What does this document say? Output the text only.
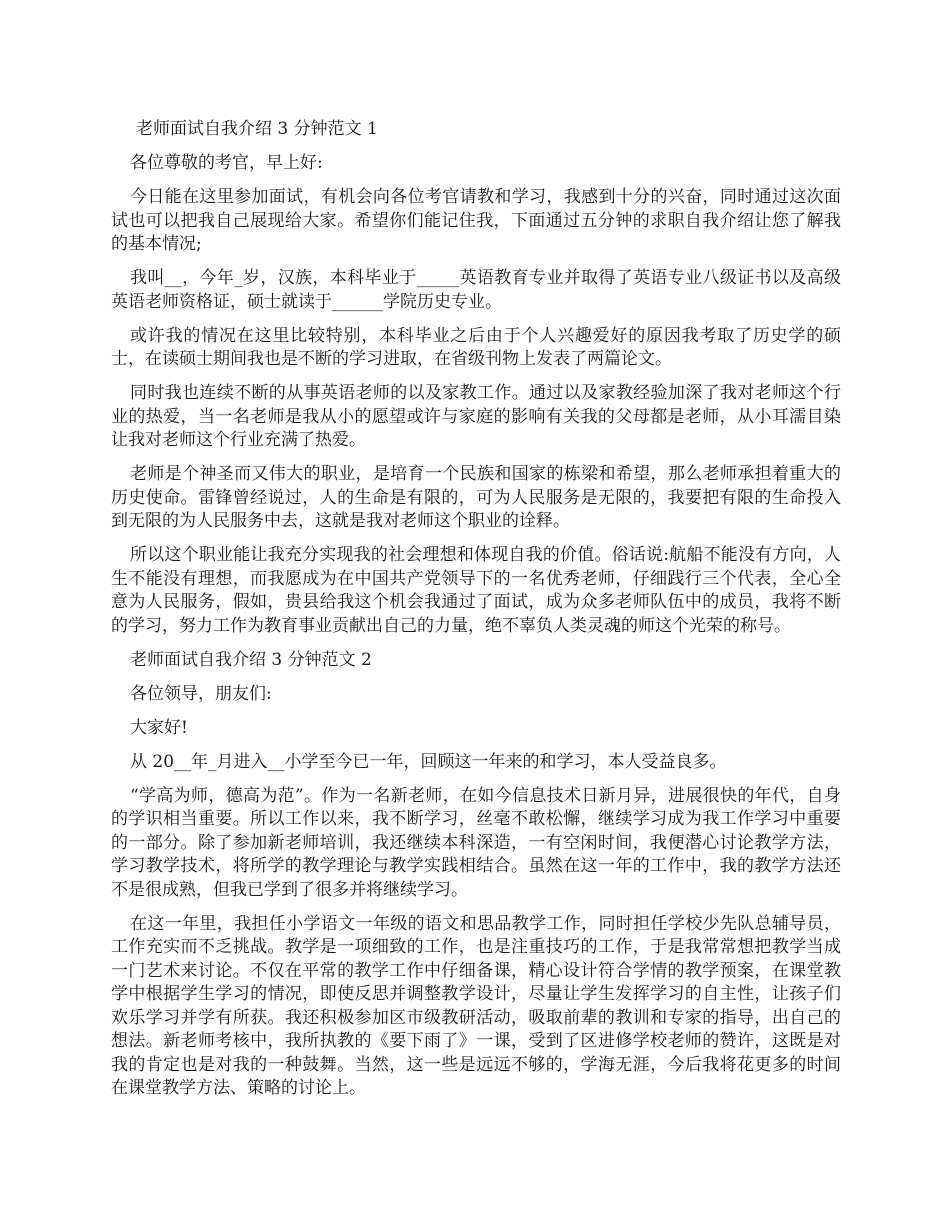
老师面试自我介绍 3 分钟范文 1

各位尊敬的考官，早上好:

今日能在这里参加面试，有机会向各位考官请教和学习，我感到十分的兴奋，同时通过这次面试也可以把我自己展现给大家。希望你们能记住我，下面通过五分钟的求职自我介绍让您了解我的基本情况;

我叫__，今年_岁，汉族，本科毕业于_____英语教育专业并取得了英语专业八级证书以及高级英语老师资格证，硕士就读于______学院历史专业。

或许我的情况在这里比较特别，本科毕业之后由于个人兴趣爱好的原因我考取了历史学的硕士，在读硕士期间我也是不断的学习进取，在省级刊物上发表了两篇论文。

同时我也连续不断的从事英语老师的以及家教工作。通过以及家教经验加深了我对老师这个行业的热爱，当一名老师是我从小的愿望或许与家庭的影响有关我的父母都是老师，从小耳濡目染让我对老师这个行业充满了热爱。

老师是个神圣而又伟大的职业，是培育一个民族和国家的栋梁和希望，那么老师承担着重大的历史使命。雷锋曾经说过，人的生命是有限的，可为人民服务是无限的，我要把有限的生命投入到无限的为人民服务中去，这就是我对老师这个职业的诠释。

所以这个职业能让我充分实现我的社会理想和体现自我的价值。俗话说:航船不能没有方向，人生不能没有理想，而我愿成为在中国共产党领导下的一名优秀老师，仔细践行三个代表，全心全意为人民服务，假如，贵县给我这个机会我通过了面试，成为众多老师队伍中的成员，我将不断的学习，努力工作为教育事业贡献出自己的力量，绝不辜负人类灵魂的师这个光荣的称号。

老师面试自我介绍 3 分钟范文 2

各位领导，朋友们:

大家好!

从 20__年_月进入__小学至今已一年，回顾这一年来的和学习，本人受益良多。

“学高为师，德高为范”。作为一名新老师，在如今信息技术日新月异，进展很快的年代，自身的学识相当重要。所以工作以来，我不断学习，丝毫不敢松懈，继续学习成为我工作学习中重要的一部分。除了参加新老师培训，我还继续本科深造，一有空闲时间，我便潜心讨论教学方法，学习教学技术，将所学的教学理论与教学实践相结合。虽然在这一年的工作中，我的教学方法还不是很成熟，但我已学到了很多并将继续学习。

在这一年里，我担任小学语文一年级的语文和思品教学工作，同时担任学校少先队总辅导员，工作充实而不乏挑战。教学是一项细致的工作，也是注重技巧的工作，于是我常常想把教学当成一门艺术来讨论。不仅在平常的教学工作中仔细备课，精心设计符合学情的教学预案，在课堂教学中根据学生学习的情况，即使反思并调整教学设计，尽量让学生发挥学习的自主性，让孩子们欢乐学习并学有所获。我还积极参加区市级教研活动，吸取前辈的教训和专家的指导，出自己的想法。新老师考核中，我所执教的《要下雨了》一课，受到了区进修学校老师的赞许，这既是对我的肯定也是对我的一种鼓舞。当然，这一些是远远不够的，学海无涯，今后我将花更多的时间在课堂教学方法、策略的讨论上。
